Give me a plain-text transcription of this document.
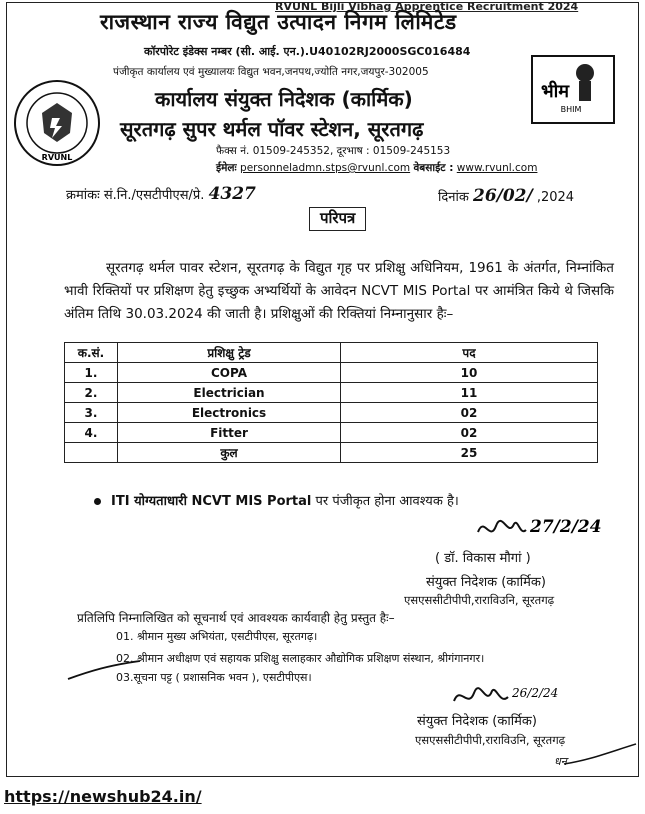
RVUNL Bijli Vibhag Apprentice Recruitment 2024
RVUNL
भीम
BHIM
राजस्थान राज्य विद्युत उत्पादन निगम लिमिटेड
कॉरपोरेट इंडेक्स नम्बर (सी. आई. एन.).U40102RJ2000SGC016484
पंजीकृत कार्यालय एवं मुख्यालयः विद्युत भवन,जनपथ,ज्योति नगर,जयपुर-302005
कार्यालय संयुक्त निदेशक (कार्मिक)
सूरतगढ़ सुपर थर्मल पॉवर स्टेशन, सूरतगढ़
फैक्स नं. 01509-245352, दूरभाष : 01509-245153
ईमेलः personneladmn.stps@rvunl.com वेबसाईट : www.rvunl.com
क्रमांकः सं.नि./एसटीपीएस/प्रे. 4327	दिनांक 26/02/ ,2024
परिपत्र
सूरतगढ़ थर्मल पावर स्टेशन, सूरतगढ़ के विद्युत गृह पर प्रशिक्षु अधिनियम, 1961 के अंतर्गत, निम्नांकित भावी रिक्तियों पर प्रशिक्षण हेतु इच्छुक अभ्यर्थियों के आवेदन NCVT MIS Portal पर आमंत्रित किये थे जिसकि अंतिम तिथि 30.03.2024 की जाती है। प्रशिक्षुओं की रिक्तियां निम्नानुसार हैः–
क.सं.	प्रशिक्षु ट्रेड	पद
1.	COPA	10
2.	Electrician	11
3.	Electronics	02
4.	Fitter	02
	कुल	25
ITI योग्यताधारी NCVT MIS Portal पर पंजीकृत होना आवश्यक है।
27/2/24
( डॉ. विकास मौगां )
संयुक्त निदेशक (कार्मिक)
एसएससीटीपीपी,राराविउनि, सूरतगढ़
प्रतिलिपि निम्नालिखित को सूचनार्थ एवं आवश्यक कार्यवाही हेतु प्रस्तुत हैः–
01. श्रीमान मुख्य अभियंता, एसटीपीएस, सूरतगढ़।
02. श्रीमान अधीक्षण एवं सहायक प्रशिक्षु सलाहकार औद्योगिक प्रशिक्षण संस्थान, श्रीगंगानगर।
03.सूचना पट्ट ( प्रशासनिक भवन ), एसटीपीएस।
26/2/24
संयुक्त निदेशक (कार्मिक)
एसएससीटीपीपी,राराविउनि, सूरतगढ़
धन
https://newshub24.in/
